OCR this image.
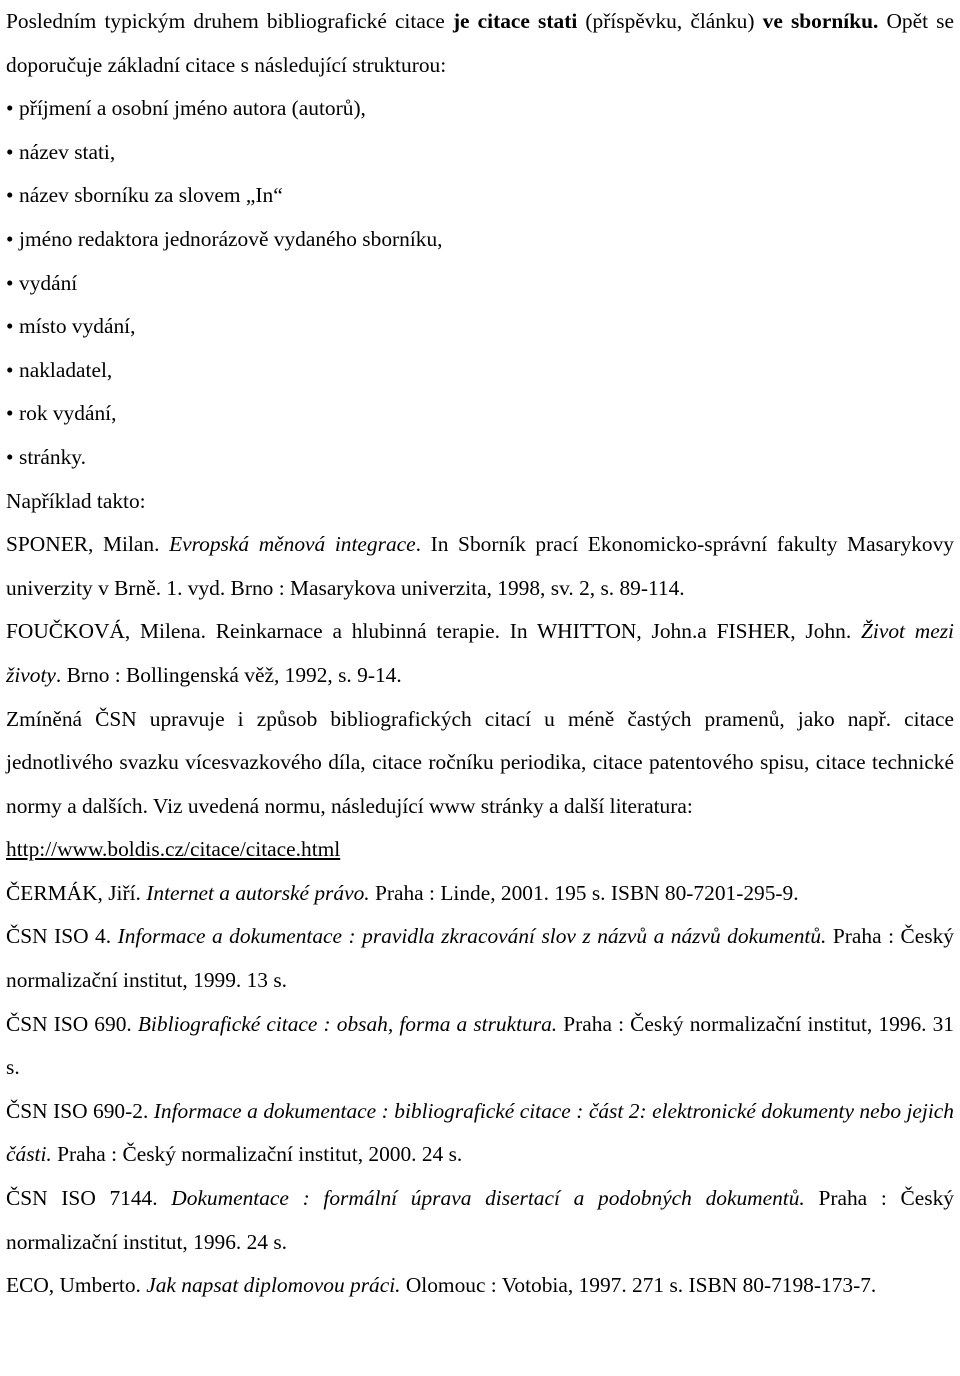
Posledním typickým druhem bibliografické citace je citace stati (příspěvku, článku) ve sborníku. Opět se doporučuje základní citace s následující strukturou:

• příjmení a osobní jméno autora (autorů),
• název stati,
• název sborníku za slovem „In“
• jméno redaktora jednorázově vydaného sborníku,
• vydání
• místo vydání,
• nakladatel,
• rok vydání,
• stránky.

Například takto:

SPONER, Milan. Evropská měnová integrace. In Sborník prací Ekonomicko-správní fakulty Masarykovy univerzity v Brně. 1. vyd. Brno : Masarykova univerzita, 1998, sv. 2, s. 89-114.

FOUČKOVÁ, Milena. Reinkarnace a hlubinná terapie. In WHITTON, John.a FISHER, John. Život mezi životy. Brno : Bollingenská věž, 1992, s. 9-14.

Zmíněná ČSN upravuje i způsob bibliografických citací u méně častých pramenů, jako např. citace jednotlivého svazku vícesvazkového díla, citace ročníku periodika, citace patentového spisu, citace technické normy a dalších. Viz uvedená normu, následující www stránky a další literatura:

http://www.boldis.cz/citace/citace.html

ČERMÁK, Jiří. Internet a autorské právo. Praha : Linde, 2001. 195 s. ISBN 80-7201-295-9.

ČSN ISO 4. Informace a dokumentace : pravidla zkracování slov z názvů a názvů dokumentů. Praha : Český normalizační institut, 1999. 13 s.

ČSN ISO 690. Bibliografické citace : obsah, forma a struktura. Praha : Český normalizační institut, 1996. 31 s.

ČSN ISO 690-2. Informace a dokumentace : bibliografické citace : část 2: elektronické dokumenty nebo jejich části. Praha : Český normalizační institut, 2000. 24 s.

ČSN ISO 7144. Dokumentace : formální úprava disertací a podobných dokumentů. Praha : Český normalizační institut, 1996. 24 s.

ECO, Umberto. Jak napsat diplomovou práci. Olomouc : Votobia, 1997. 271 s. ISBN 80-7198-173-7.
